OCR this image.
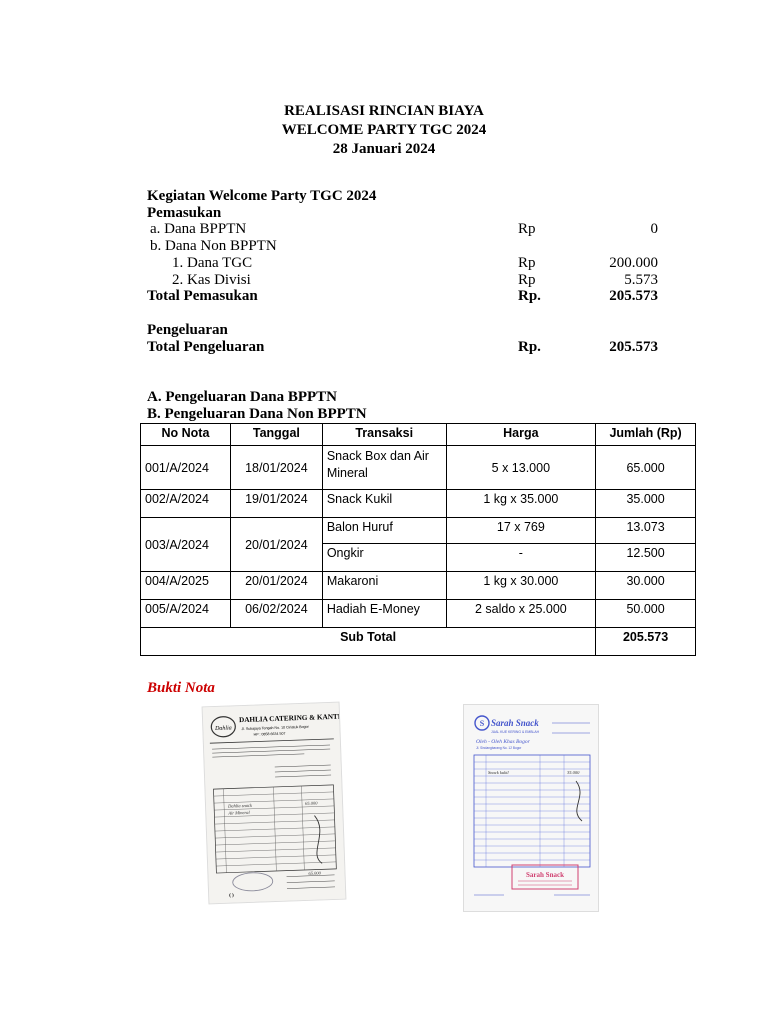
REALISASI RINCIAN BIAYA
WELCOME PARTY TGC 2024
28 Januari 2024
Kegiatan Welcome Party TGC 2024
Pemasukan
a. Dana BPPTN	Rp	0
b. Dana Non BPPTN
1. Dana TGC	Rp	200.000
2. Kas Divisi	Rp	5.573
Total Pemasukan	Rp.	205.573
Pengeluaran
Total Pengeluaran	Rp.	205.573
A. Pengeluaran Dana BPPTN
B. Pengeluaran Dana Non BPPTN
No Nota	Tanggal	Transaksi	Harga	Jumlah (Rp)
001/A/2024	18/01/2024	Snack Box dan Air Mineral	5 x 13.000	65.000
002/A/2024	19/01/2024	Snack Kukil	1 kg x 35.000	35.000
003/A/2024	20/01/2024	Balon Huruf	17 x 769	13.073
		Ongkir	-	12.500
004/A/2025	20/01/2024	Makaroni	1 kg x 30.000	30.000
005/A/2024	06/02/2024	Hadiah E-Money	2 saldo x 25.000	50.000
Sub Total				205.573
Bukti Nota
Dahlia
DAHLIA CATERING & KANTIN
Jl. Sukajaya Tengah No. 10 Ciriatuk Bogor
HP : 0858 6634 507
Dahlia snack	65.000
Air Mineral
65.000
( )
S Sarah Snack
JUAL KUE KERING & EMBLAH
Oleh - Oleh Khas Bogor
Jl. Sindangbarang No. 12 Bogor
Snack kukil	35.000
Sarah Snack
